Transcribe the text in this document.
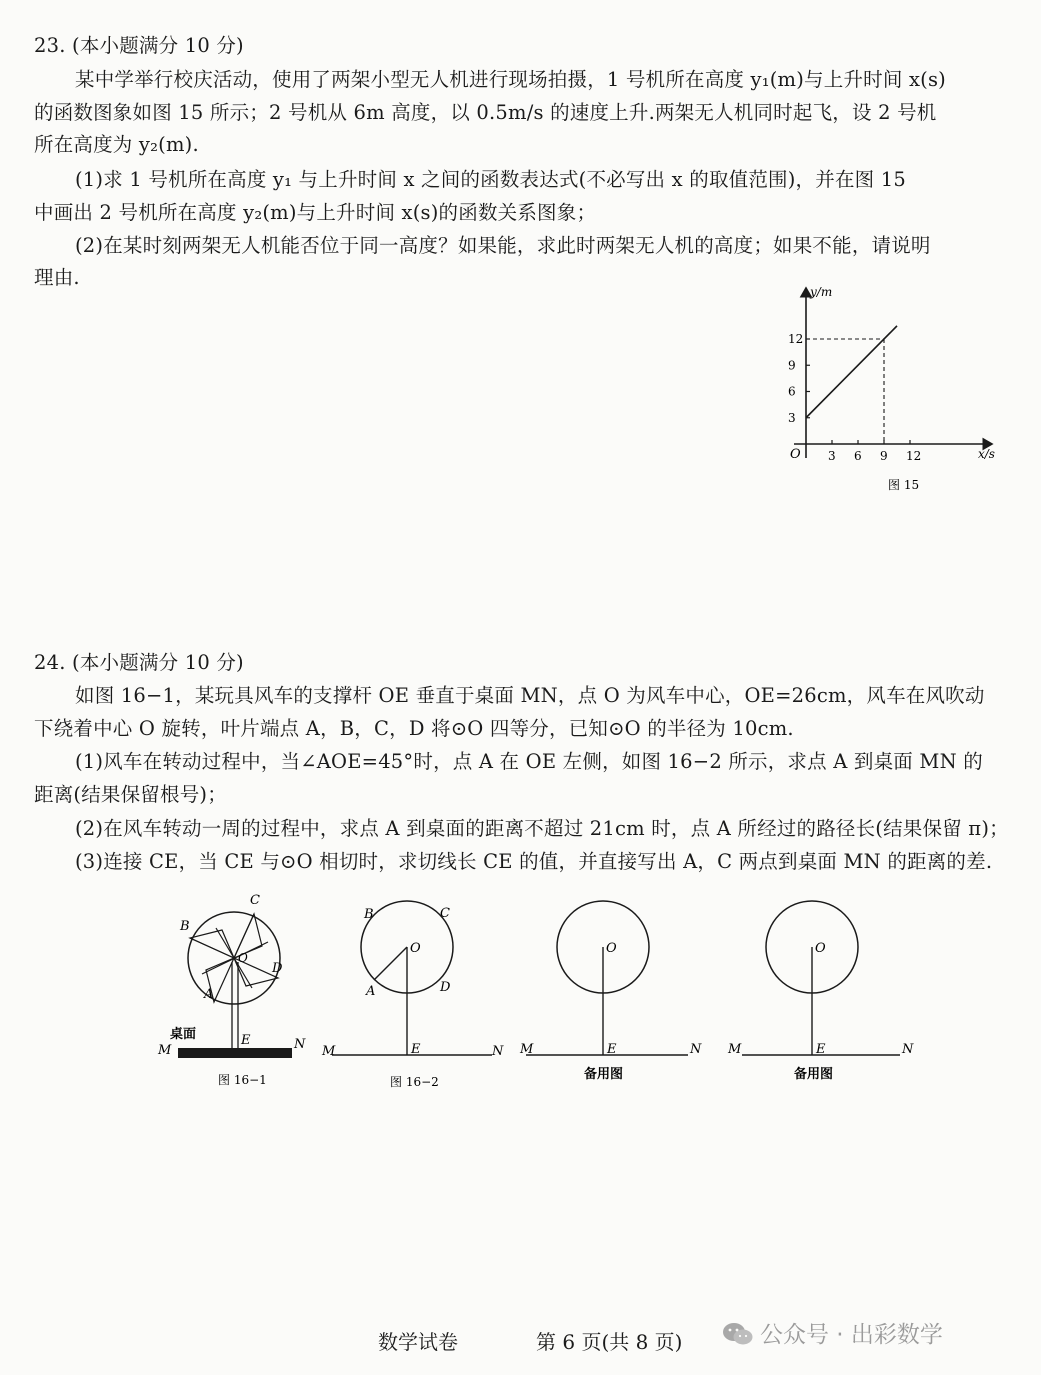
23. (本小题满分 10 分)
某中学举行校庆活动，使用了两架小型无人机进行现场拍摄，1 号机所在高度 y₁(m)与上升时间 x(s)
的函数图象如图 15 所示；2 号机从 6m 高度，以 0.5m/s 的速度上升.两架无人机同时起飞，设 2 号机
所在高度为 y₂(m).
(1)求 1 号机所在高度 y₁ 与上升时间 x 之间的函数表达式(不必写出 x 的取值范围)，并在图 15
中画出 2 号机所在高度 y₂(m)与上升时间 x(s)的函数关系图象；
(2)在某时刻两架无人机能否位于同一高度？如果能，求此时两架无人机的高度；如果不能，请说明
理由.
3 6 9 12
3
6
9
12
y/m
x/s
O
图 15
24. (本小题满分 10 分)
如图 16−1，某玩具风车的支撑杆 OE 垂直于桌面 MN，点 O 为风车中心，OE=26cm，风车在风吹动
下绕着中心 O 旋转，叶片端点 A，B，C，D 将⊙O 四等分，已知⊙O 的半径为 10cm.
(1)风车在转动过程中，当∠AOE=45°时，点 A 在 OE 左侧，如图 16−2 所示，求点 A 到桌面 MN 的
距离(结果保留根号)；
(2)在风车转动一周的过程中，求点 A 到桌面的距离不超过 21cm 时，点 A 所经过的路径长(结果保留 π)；
(3)连接 CE，当 CE 与⊙O 相切时，求切线长 CE 的值，并直接写出 A，C 两点到桌面 MN 的距离的差.
C
B
O
D
A
E
桌面
M	N
图 16−1
B	C
O
A	D
E
M	N
图 16−2
O
E
M	N
备用图
O
E
M	N
备用图
数学试卷	第 6 页(共 8 页)	公众号 · 出彩数学
